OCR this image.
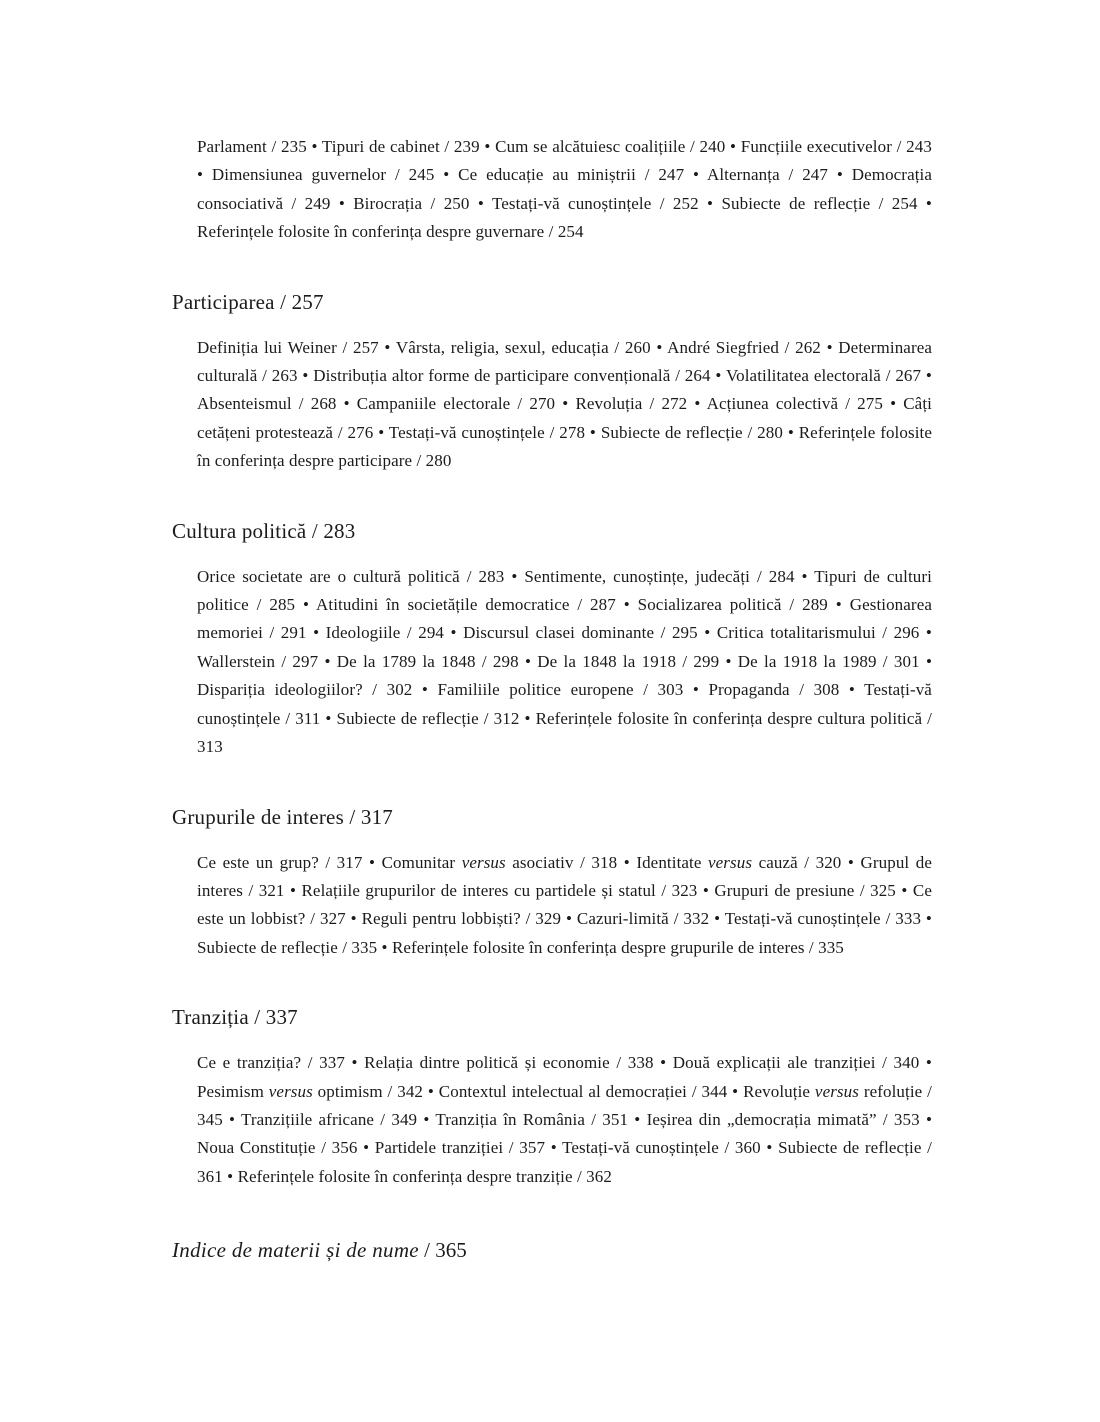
Parlament / 235 • Tipuri de cabinet / 239 • Cum se alcătuiesc coalițiile / 240 • Funcțiile executivelor / 243 • Dimensiunea guvernelor / 245 • Ce educație au miniștrii / 247 • Alternanța / 247 • Democrația consociativă / 249 • Birocrația / 250 • Testați-vă cunoștințele / 252 • Subiecte de reflecție / 254 • Referințele folosite în conferința despre guvernare / 254

Participarea / 257

Definiția lui Weiner / 257 • Vârsta, religia, sexul, educația / 260 • André Siegfried / 262 • Determinarea culturală / 263 • Distribuția altor forme de participare convențională / 264 • Volatilitatea electorală / 267 • Absenteismul / 268 • Campaniile electorale / 270 • Revoluția / 272 • Acțiunea colectivă / 275 • Câți cetățeni protestează / 276 • Testați-vă cunoștințele / 278 • Subiecte de reflecție / 280 • Referințele folosite în conferința despre participare / 280

Cultura politică / 283

Orice societate are o cultură politică / 283 • Sentimente, cunoștințe, judecăți / 284 • Tipuri de culturi politice / 285 • Atitudini în societățile democratice / 287 • Socializarea politică / 289 • Gestionarea memoriei / 291 • Ideologiile / 294 • Discursul clasei dominante / 295 • Critica totalitarismului / 296 • Wallerstein / 297 • De la 1789 la 1848 / 298 • De la 1848 la 1918 / 299 • De la 1918 la 1989 / 301 • Dispariția ideologiilor? / 302 • Familiile politice europene / 303 • Propaganda / 308 • Testați-vă cunoștințele / 311 • Subiecte de reflecție / 312 • Referințele folosite în conferința despre cultura politică / 313

Grupurile de interes / 317

Ce este un grup? / 317 • Comunitar versus asociativ / 318 • Identitate versus cauză / 320 • Grupul de interes / 321 • Relațiile grupurilor de interes cu partidele și statul / 323 • Grupuri de presiune / 325 • Ce este un lobbist? / 327 • Reguli pentru lobbiști? / 329 • Cazuri-limită / 332 • Testați-vă cunoștințele / 333 • Subiecte de reflecție / 335 • Referințele folosite în conferința despre grupurile de interes / 335

Tranziția / 337

Ce e tranziția? / 337 • Relația dintre politică și economie / 338 • Două explicații ale tranziției / 340 • Pesimism versus optimism / 342 • Contextul intelectual al democrației / 344 • Revoluție versus refoluție / 345 • Tranzițiile africane / 349 • Tranziția în România / 351 • Ieșirea din „democrația mimată” / 353 • Noua Constituție / 356 • Partidele tranziției / 357 • Testați-vă cunoștințele / 360 • Subiecte de reflecție / 361 • Referințele folosite în conferința despre tranziție / 362

Indice de materii și de nume / 365
